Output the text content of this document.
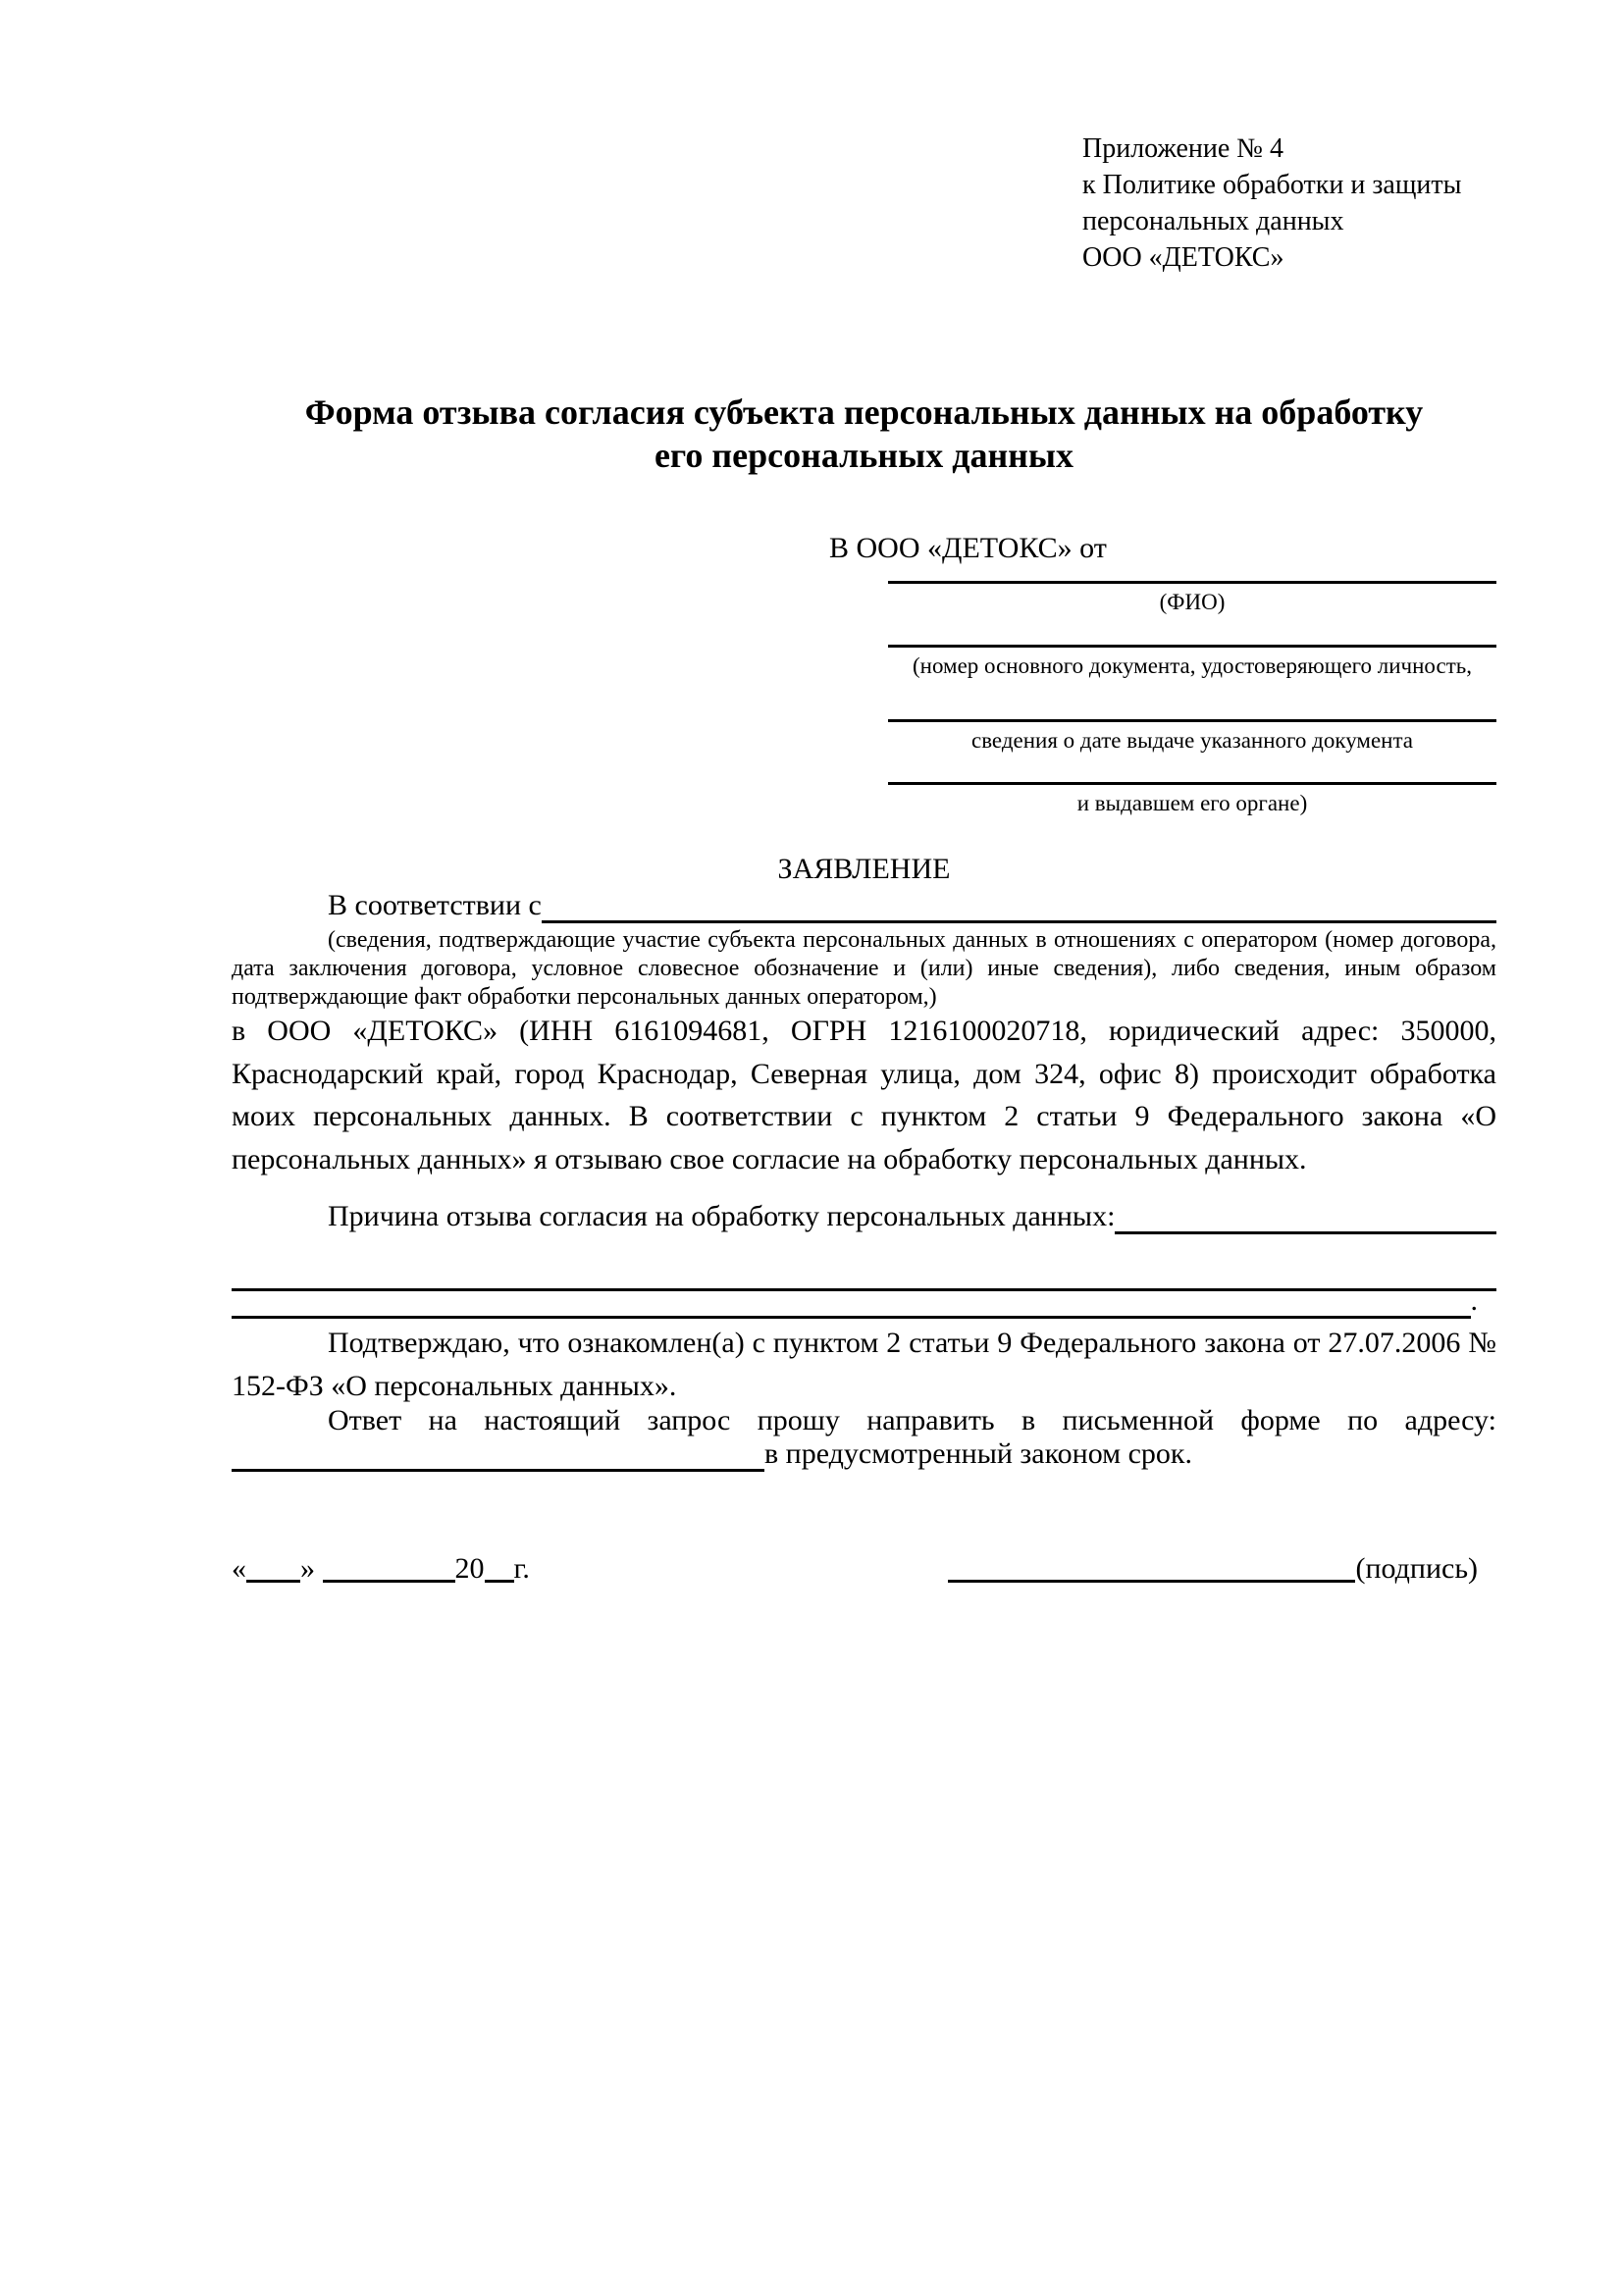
Приложение № 4
к Политике обработки и защиты
персональных данных
ООО «ДЕТОКС»
Форма отзыва согласия субъекта персональных данных на обработку
его персональных данных
В ООО «ДЕТОКС» от
(ФИО)
(номер основного документа, удостоверяющего личность,
сведения о дате выдаче указанного документа
и выдавшем его органе)
ЗАЯВЛЕНИЕ
В соответствии с
(сведения, подтверждающие участие субъекта персональных данных в отношениях с оператором (номер договора, дата заключения договора, условное словесное обозначение и (или) иные сведения), либо сведения, иным образом подтверждающие факт обработки персональных данных оператором,)
в ООО «ДЕТОКС» (ИНН 6161094681, ОГРН 1216100020718, юридический адрес: 350000, Краснодарский край, город Краснодар, Северная улица, дом 324, офис 8) происходит обработка моих персональных данных. В соответствии с пунктом 2 статьи 9 Федерального закона «О персональных данных» я отзываю свое согласие на обработку персональных данных.
Причина отзыва согласия на обработку персональных данных:
.
Подтверждаю, что ознакомлен(а) с пунктом 2 статьи 9 Федерального закона от 27.07.2006 № 152-ФЗ «О персональных данных».
Ответ на настоящий запрос прошу направить в письменной форме по адресу:
в предусмотренный законом срок.
« »	20 г.	(подпись)
